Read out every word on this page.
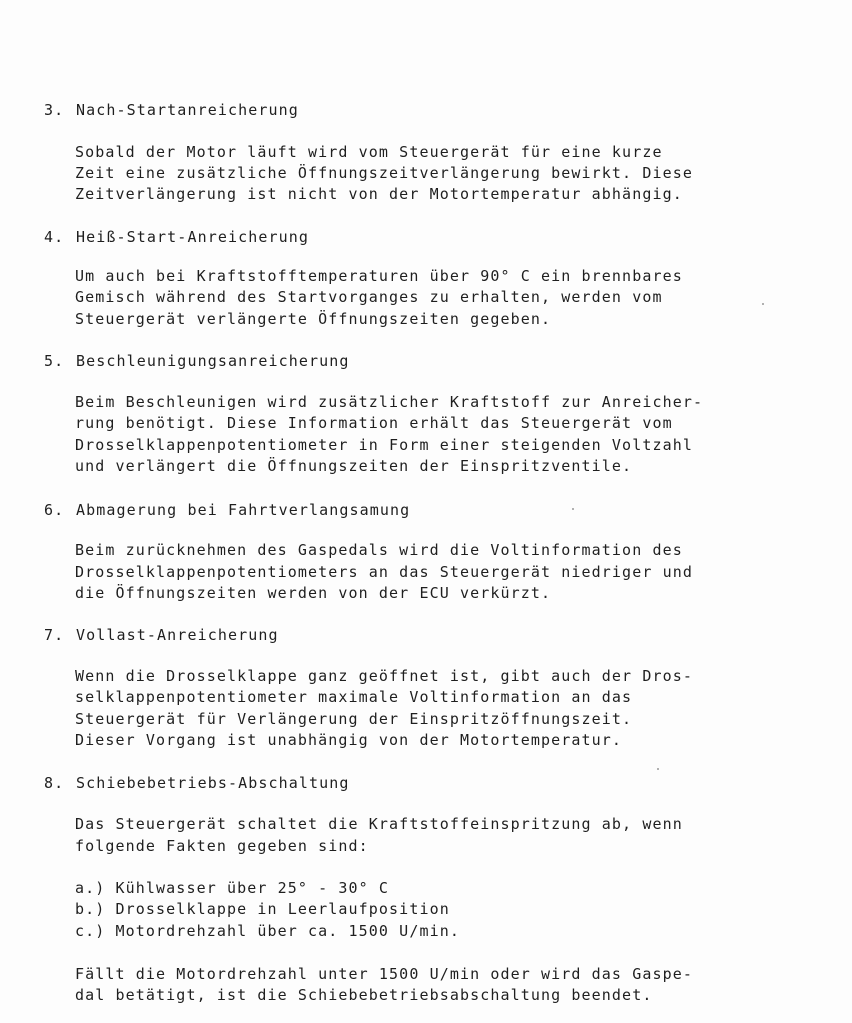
3. Nach-Startanreicherung
Sobald der Motor läuft wird vom Steuergerät für eine kurze
Zeit eine zusätzliche Öffnungszeitverlängerung bewirkt. Diese
Zeitverlängerung ist nicht von der Motortemperatur abhängig.
4. Heiß-Start-Anreicherung
Um auch bei Kraftstofftemperaturen über 90° C ein brennbares
Gemisch während des Startvorganges zu erhalten, werden vom
Steuergerät verlängerte Öffnungszeiten gegeben.
5. Beschleunigungsanreicherung
Beim Beschleunigen wird zusätzlicher Kraftstoff zur Anreicher-
rung benötigt. Diese Information erhält das Steuergerät vom
Drosselklappenpotentiometer in Form einer steigenden Voltzahl
und verlängert die Öffnungszeiten der Einspritzventile.
6. Abmagerung bei Fahrtverlangsamung
Beim zurücknehmen des Gaspedals wird die Voltinformation des
Drosselklappenpotentiometers an das Steuergerät niedriger und
die Öffnungszeiten werden von der ECU verkürzt.
7. Vollast-Anreicherung
Wenn die Drosselklappe ganz geöffnet ist, gibt auch der Dros-
selklappenpotentiometer maximale Voltinformation an das
Steuergerät für Verlängerung der Einspritzöffnungszeit.
Dieser Vorgang ist unabhängig von der Motortemperatur.
8. Schiebebetriebs-Abschaltung
Das Steuergerät schaltet die Kraftstoffeinspritzung ab, wenn
folgende Fakten gegeben sind:
a.) Kühlwasser über 25° - 30° C
b.) Drosselklappe in Leerlaufposition
c.) Motordrehzahl über ca. 1500 U/min.
Fällt die Motordrehzahl unter 1500 U/min oder wird das Gaspe-
dal betätigt, ist die Schiebebetriebsabschaltung beendet.
